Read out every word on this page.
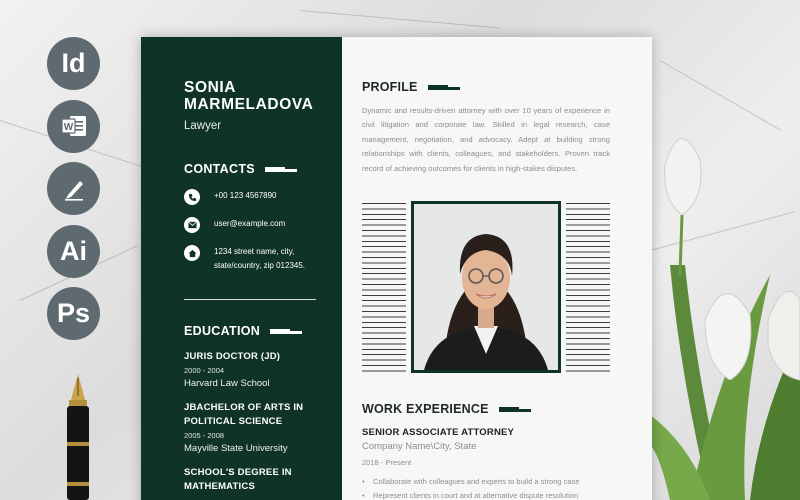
Id
W
Ai
Ps
SONIA
MARMELADOVA
Lawyer
CONTACTS
+00 123 4567890
user@example.com
1234 street name, city,
state/country, zip 012345.
EDUCATION
JURIS DOCTOR (JD)
2000 - 2004
Harvard Law School
JBACHELOR OF ARTS IN
POLITICAL SCIENCE
2005 - 2008
Mayville State University
SCHOOL'S DEGREE IN
MATHEMATICS
PROFILE
Dynamic and results-driven attorney with over 10 years of experience in civil litigation and corporate law. Skilled in legal research, case management, negotiation, and advocacy. Adept at building strong relationships with clients, colleagues, and stakeholders. Proven track record of achieving outcomes for clients in high-stakes disputes.
WORK EXPERIENCE
SENIOR ASSOCIATE ATTORNEY
Company Name\City, State
2018 - Present
• Collaborate with colleagues and experts to build a strong case
• Represent clients in court and at alternative dispute resolution
